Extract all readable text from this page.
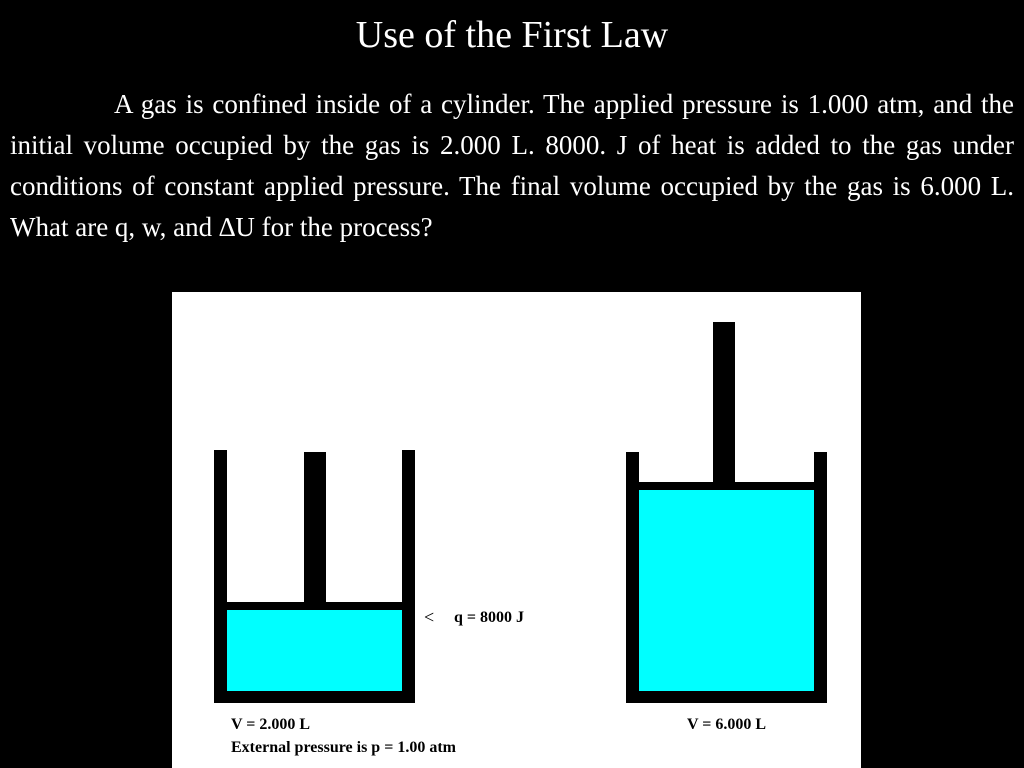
Use of the First Law
A gas is confined inside of a cylinder. The applied pressure is 1.000 atm, and the initial volume occupied by the gas is 2.000 L. 8000. J of heat is added to the gas under conditions of constant applied pressure. The final volume occupied by the gas is 6.000 L. What are q, w, and ∆U for the process?
< q = 8000 J
V = 2.000 L
External pressure is p = 1.00 atm
V = 6.000 L
